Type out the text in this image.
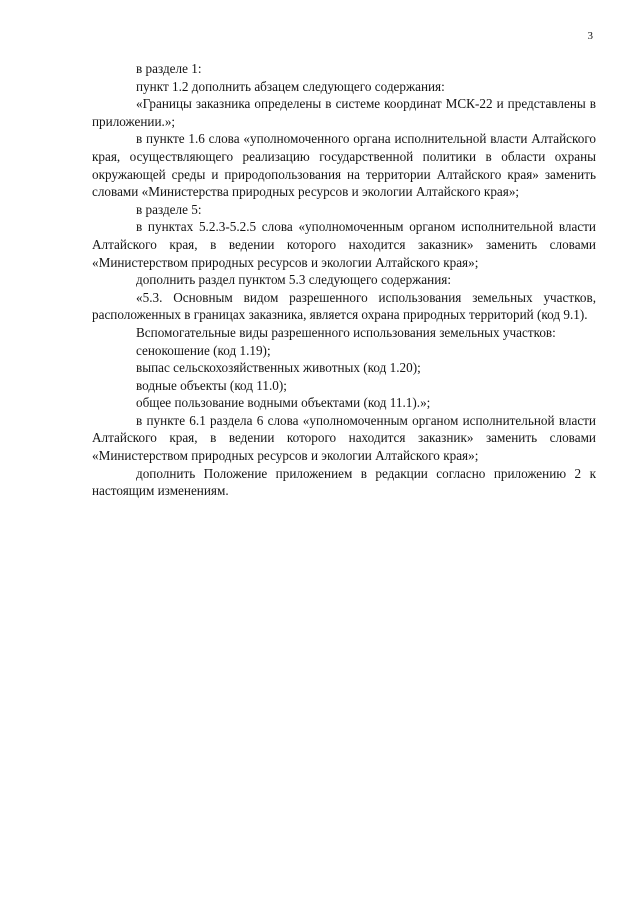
3

в разделе 1:

пункт 1.2 дополнить абзацем следующего содержания:

«Границы заказника определены в системе координат МСК-22 и представлены в приложении.»;

в пункте 1.6 слова «уполномоченного органа исполнительной власти Алтайского края, осуществляющего реализацию государственной политики в области охраны окружающей среды и природопользования на территории Алтайского края» заменить словами «Министерства природных ресурсов и экологии Алтайского края»;

в разделе 5:

в пунктах 5.2.3-5.2.5 слова «уполномоченным органом исполнительной власти Алтайского края, в ведении которого находится заказник» заменить словами «Министерством природных ресурсов и экологии Алтайского края»;

дополнить раздел пунктом 5.3 следующего содержания:

«5.3. Основным видом разрешенного использования земельных участков, расположенных в границах заказника, является охрана природных территорий (код 9.1).

Вспомогательные виды разрешенного использования земельных участков:

сенокошение (код 1.19);

выпас сельскохозяйственных животных (код 1.20);

водные объекты (код 11.0);

общее пользование водными объектами (код 11.1).»;

в пункте 6.1 раздела 6 слова «уполномоченным органом исполнительной власти Алтайского края, в ведении которого находится заказник» заменить словами «Министерством природных ресурсов и экологии Алтайского края»;

дополнить Положение приложением в редакции согласно приложению 2 к настоящим изменениям.
